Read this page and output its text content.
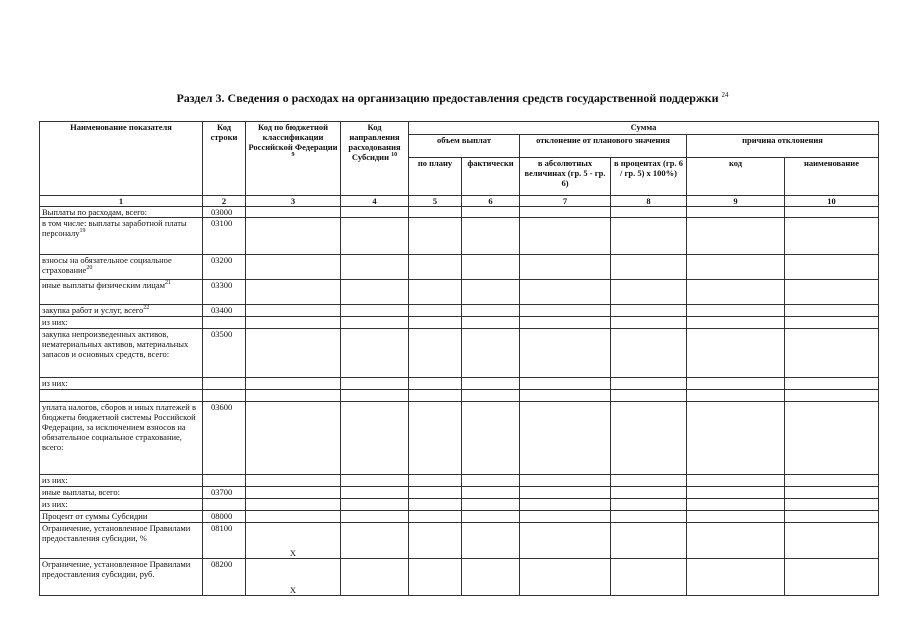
Раздел 3. Сведения о расходах на организацию предоставления средств государственной поддержки $^{24}$
Наименование показателя	Код строки	Код по бюджетной классификации Российской Федерации $^9$	Код направления расходования Субсидии $^{10}$	Сумма					
				объем выплат		отклонение от планового значения		причина отклонения	
				по плану	фактически	в абсолютных величинах (гр. 5 - гр. 6)	в процентах (гр. 6 / гр. 5) x 100%)	код	наименование
1	2	3	4	5	6	7	8	9	10
Выплаты по расходам, всего:	03000								
в том числе: выплаты заработной платы персоналу$^{19}$	03100								
взносы на обязательное социальное страхование$^{20}$	03200								
иные выплаты физическим лицам$^{21}$	03300								
закупка работ и услуг, всего$^{22}$	03400								
из них:									
закупка непроизведенных активов, нематериальных активов, материальных запасов и основных средств, всего:	03500								
из них:									

уплата налогов, сборов и иных платежей в бюджеты бюджетной системы Российской Федерации, за исключением взносов на обязательное социальное страхование, всего:	03600								
из них:									
иные выплаты, всего:	03700								
из них:									
Процент от суммы Субсидии	08000								
Ограничение, установленное Правилами предоставления субсидии, %	08100	X							
Ограничение, установленное Правилами предоставления субсидии, руб.	08200	X							
